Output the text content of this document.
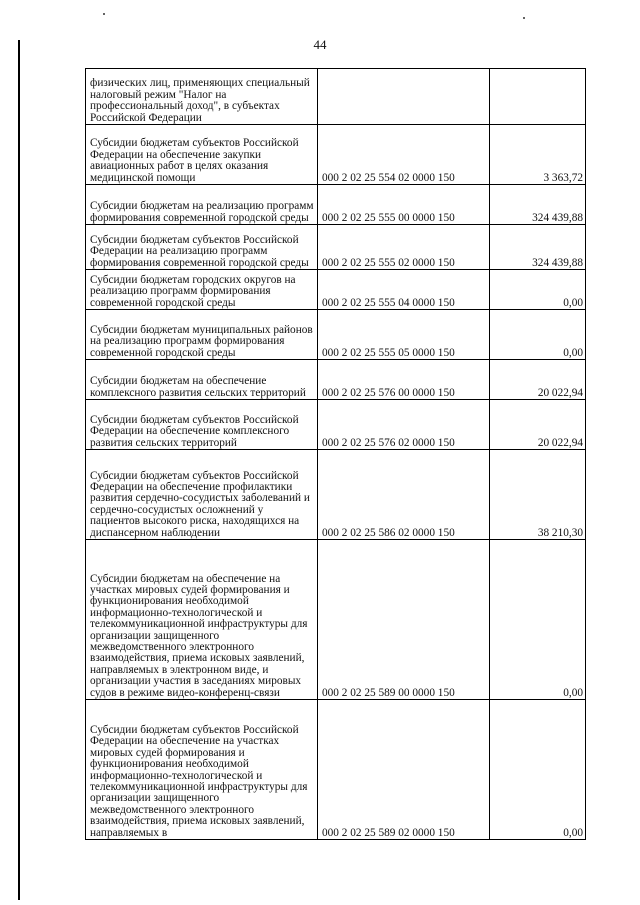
44
физических лиц, применяющих специальный налоговый режим "Налог на профессиональный доход", в субъектах Российской Федерации		
Субсидии бюджетам субъектов Российской Федерации на обеспечение закупки авиационных работ в целях оказания медицинской помощи	000 2 02 25 554 02 0000 150	3 363,72
Субсидии бюджетам на реализацию программ формирования современной городской среды	000 2 02 25 555 00 0000 150	324 439,88
Субсидии бюджетам субъектов Российской Федерации на реализацию программ формирования современной городской среды	000 2 02 25 555 02 0000 150	324 439,88
Субсидии бюджетам городских округов на реализацию программ формирования современной городской среды	000 2 02 25 555 04 0000 150	0,00
Субсидии бюджетам муниципальных районов на реализацию программ формирования современной городской среды	000 2 02 25 555 05 0000 150	0,00
Субсидии бюджетам на обеспечение комплексного развития сельских территорий	000 2 02 25 576 00 0000 150	20 022,94
Субсидии бюджетам субъектов Российской Федерации на обеспечение комплексного развития сельских территорий	000 2 02 25 576 02 0000 150	20 022,94
Субсидии бюджетам субъектов Российской Федерации на обеспечение профилактики развития сердечно-сосудистых заболеваний и сердечно-сосудистых осложнений у пациентов высокого риска, находящихся на диспансерном наблюдении	000 2 02 25 586 02 0000 150	38 210,30
Субсидии бюджетам на обеспечение на участках мировых судей формирования и функционирования необходимой информационно-технологической и телекоммуникационной инфраструктуры для организации защищенного межведомственного электронного взаимодействия, приема исковых заявлений, направляемых в электронном виде, и организации участия в заседаниях мировых судов в режиме видео-конференц-связи	000 2 02 25 589 00 0000 150	0,00
Субсидии бюджетам субъектов Российской Федерации на обеспечение на участках мировых судей формирования и функционирования необходимой информационно-технологической и телекоммуникационной инфраструктуры для организации защищенного межведомственного электронного взаимодействия, приема исковых заявлений, направляемых в	000 2 02 25 589 02 0000 150	0,00
